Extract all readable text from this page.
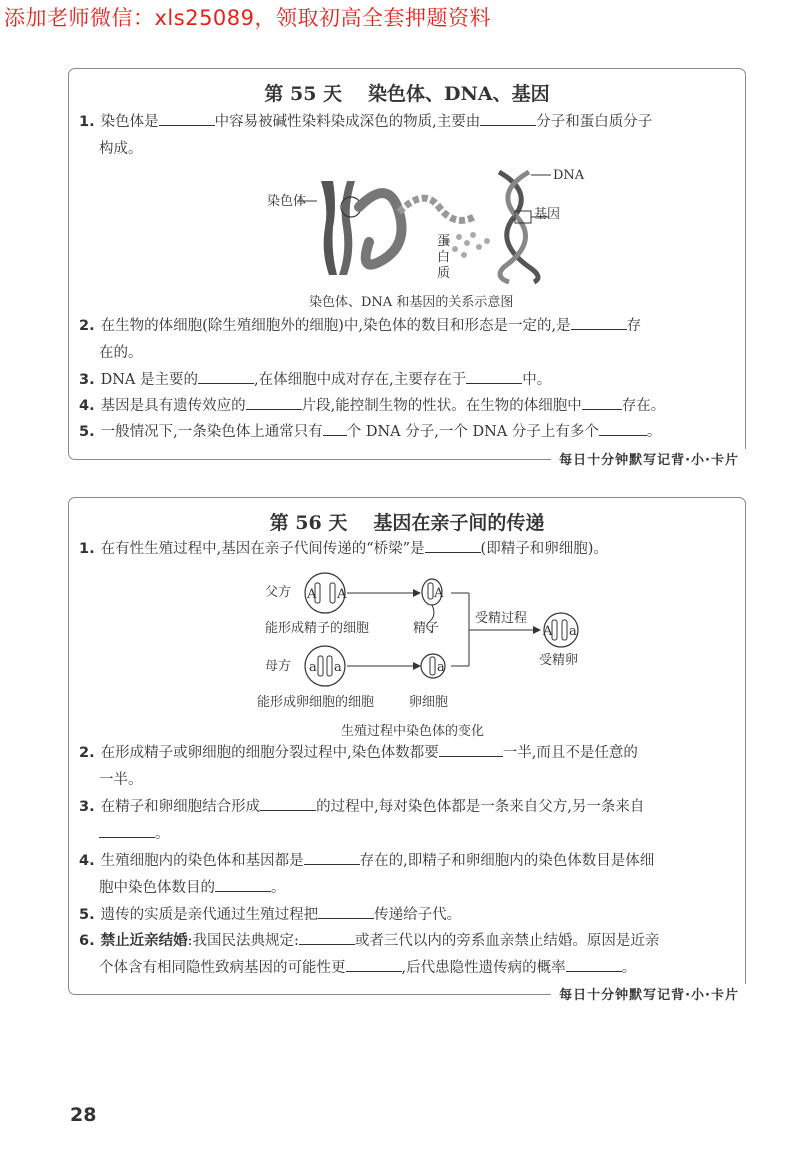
添加老师微信：xls25089，领取初高全套押题资料
第 55 天 染色体、DNA、基因
1. 染色体是	中容易被碱性染料染成深色的物质,主要由	分子和蛋白质分子
构成。
染色体
蛋
白
质
DNA
基因
染色体、DNA 和基因的关系示意图
2. 在生物的体细胞(除生殖细胞外的细胞)中,染色体的数目和形态是一定的,是	存
在的。
3. DNA 是主要的	,在体细胞中成对存在,主要存在于	中。
4. 基因是具有遗传效应的	片段,能控制生物的性状。在生物的体细胞中	存在。
5. 一般情况下,一条染色体上通常只有 个 DNA 分子,一个 DNA 分子上有多个	。
每日十分钟默写记背·小·卡片
第 56 天 基因在亲子间的传递
1. 在有性生殖过程中,基因在亲子代间传递的“桥梁”是	(即精子和卵细胞)。
父方 A A	A
母方 a a	a
受精过程
A a
受精卵
能形成精子的细胞	精子
能形成卵细胞的细胞	卵细胞
生殖过程中染色体的变化
2. 在形成精子或卵细胞的细胞分裂过程中,染色体数都要	一半,而且不是任意的
一半。
3. 在精子和卵细胞结合形成	的过程中,每对染色体都是一条来自父方,另一条来自
。
4. 生殖细胞内的染色体和基因都是	存在的,即精子和卵细胞内的染色体数目是体细
胞中染色体数目的	。
5. 遗传的实质是亲代通过生殖过程把	传递给子代。
6. 禁止近亲结婚:我国民法典规定:	或者三代以内的旁系血亲禁止结婚。原因是近亲
个体含有相同隐性致病基因的可能性更	,后代患隐性遗传病的概率	。
每日十分钟默写记背·小·卡片
28
